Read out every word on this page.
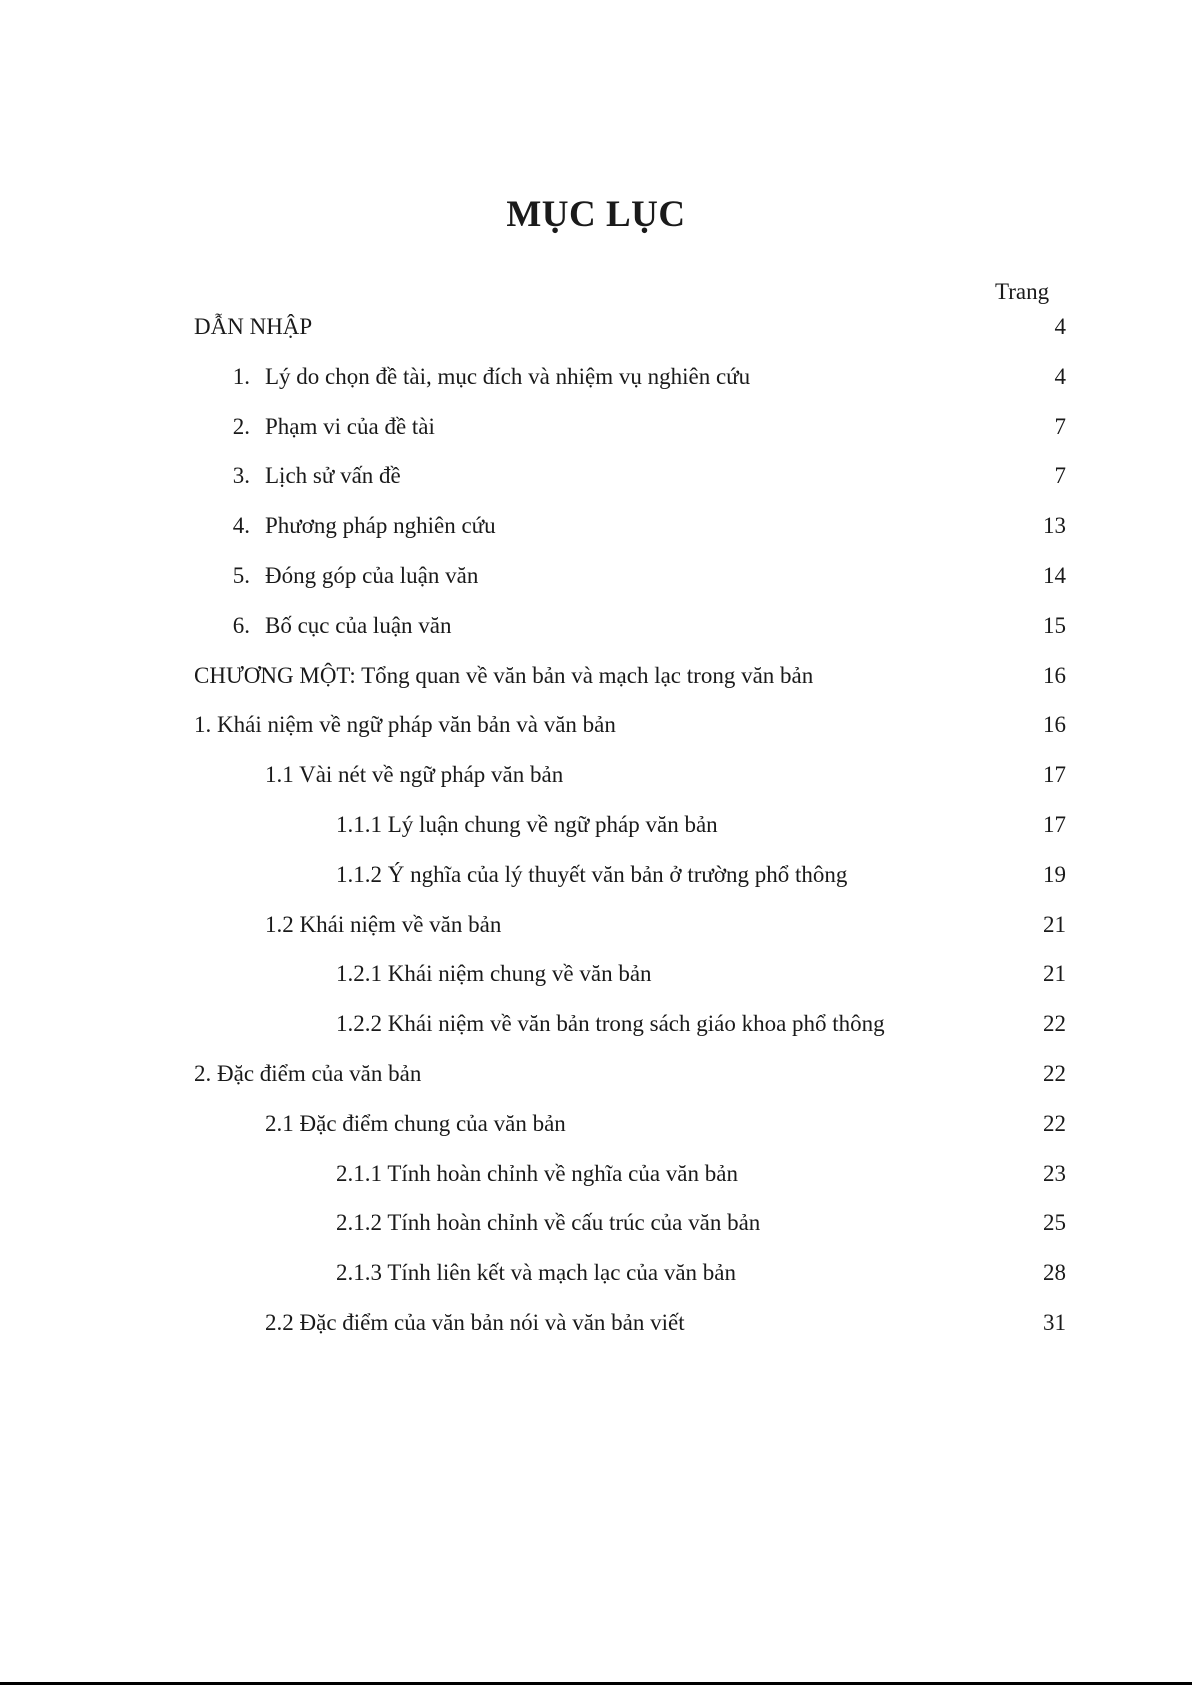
MỤC LỤC
Trang
DẪN NHẬP	4
1. Lý do chọn đề tài, mục đích và nhiệm vụ nghiên cứu	4
2. Phạm vi của đề tài	7
3. Lịch sử vấn đề	7
4. Phương pháp nghiên cứu	13
5. Đóng góp của luận văn	14
6. Bố cục của luận văn	15
CHƯƠNG MỘT: Tổng quan về văn bản và mạch lạc trong văn bản	16
1. Khái niệm về ngữ pháp văn bản và văn bản	16
1.1 Vài nét về ngữ pháp văn bản	17
1.1.1 Lý luận chung về ngữ pháp văn bản	17
1.1.2 Ý nghĩa của lý thuyết văn bản ở trường phổ thông	19
1.2 Khái niệm về văn bản	21
1.2.1 Khái niệm chung về văn bản	21
1.2.2 Khái niệm về văn bản trong sách giáo khoa phổ thông	22
2. Đặc điểm của văn bản	22
2.1 Đặc điểm chung của văn bản	22
2.1.1 Tính hoàn chỉnh về nghĩa của văn bản	23
2.1.2 Tính hoàn chỉnh về cấu trúc của văn bản	25
2.1.3 Tính liên kết và mạch lạc của văn bản	28
2.2 Đặc điểm của văn bản nói và văn bản viết	31
